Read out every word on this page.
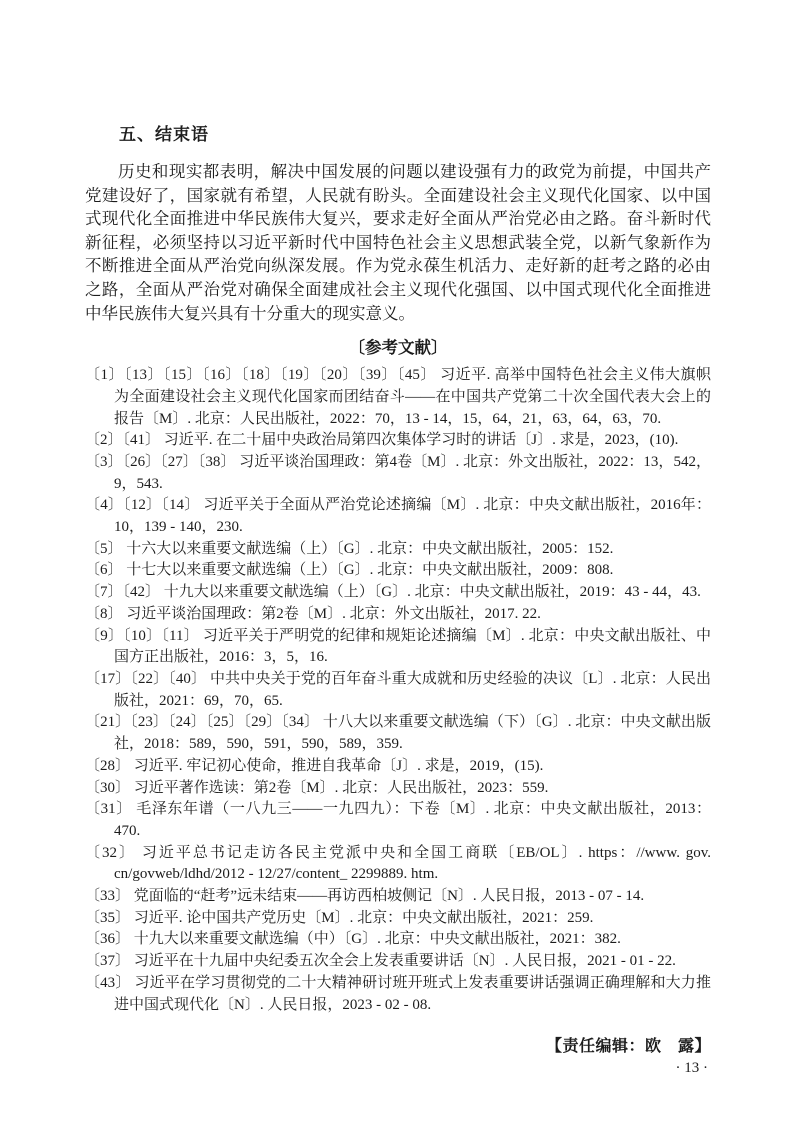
五、结束语

历史和现实都表明，解决中国发展的问题以建设强有力的政党为前提，中国共产党建设好了，国家就有希望，人民就有盼头。全面建设社会主义现代化国家、以中国式现代化全面推进中华民族伟大复兴，要求走好全面从严治党必由之路。奋斗新时代新征程，必须坚持以习近平新时代中国特色社会主义思想武装全党，以新气象新作为不断推进全面从严治党向纵深发展。作为党永葆生机活力、走好新的赶考之路的必由之路，全面从严治党对确保全面建成社会主义现代化强国、以中国式现代化全面推进中华民族伟大复兴具有十分重大的现实意义。

〔参考文献〕
〔1〕〔13〕〔15〕〔16〕〔18〕〔19〕〔20〕〔39〕〔45〕 习近平. 高举中国特色社会主义伟大旗帜　为全面建设社会主义现代化国家而团结奋斗——在中国共产党第二十次全国代表大会上的报告〔M〕. 北京：人民出版社，2022：70，13 - 14，15，64，21，63，64，63，70.
〔2〕〔41〕 习近平. 在二十届中央政治局第四次集体学习时的讲话〔J〕. 求是，2023，(10).
〔3〕〔26〕〔27〕〔38〕 习近平谈治国理政：第4卷〔M〕. 北京：外文出版社，2022：13，542，9，543.
〔4〕〔12〕〔14〕 习近平关于全面从严治党论述摘编〔M〕. 北京：中央文献出版社，2016年：10，139 - 140，230.
〔5〕 十六大以来重要文献选编（上）〔G〕. 北京：中央文献出版社，2005：152.
〔6〕 十七大以来重要文献选编（上）〔G〕. 北京：中央文献出版社，2009：808.
〔7〕〔42〕 十九大以来重要文献选编（上）〔G〕. 北京：中央文献出版社，2019：43 - 44，43.
〔8〕 习近平谈治国理政：第2卷〔M〕. 北京：外文出版社，2017. 22.
〔9〕〔10〕〔11〕 习近平关于严明党的纪律和规矩论述摘编〔M〕. 北京：中央文献出版社、中国方正出版社，2016：3，5，16.
〔17〕〔22〕〔40〕 中共中央关于党的百年奋斗重大成就和历史经验的决议〔L〕. 北京：人民出版社，2021：69，70，65.
〔21〕〔23〕〔24〕〔25〕〔29〕〔34〕 十八大以来重要文献选编（下）〔G〕. 北京：中央文献出版社，2018：589，590，591，590，589，359.
〔28〕 习近平. 牢记初心使命，推进自我革命〔J〕. 求是，2019，(15).
〔30〕 习近平著作选读：第2卷〔M〕. 北京：人民出版社，2023：559.
〔31〕 毛泽东年谱（一八九三——一九四九）：下卷〔M〕. 北京：中央文献出版社，2013：470.
〔32〕 习近平总书记走访各民主党派中央和全国工商联〔EB/OL〕. https：//www. gov. cn/govweb/ldhd/2012 - 12/27/content_ 2299889. htm.
〔33〕 党面临的“赶考”远未结束——再访西柏坡侧记〔N〕. 人民日报，2013 - 07 - 14.
〔35〕 习近平. 论中国共产党历史〔M〕. 北京：中央文献出版社，2021：259.
〔36〕 十九大以来重要文献选编（中）〔G〕. 北京：中央文献出版社，2021：382.
〔37〕 习近平在十九届中央纪委五次全会上发表重要讲话〔N〕. 人民日报，2021 - 01 - 22.
〔43〕 习近平在学习贯彻党的二十大精神研讨班开班式上发表重要讲话强调正确理解和大力推进中国式现代化〔N〕. 人民日报，2023 - 02 - 08.
【责任编辑：欧　露】
· 13 ·
